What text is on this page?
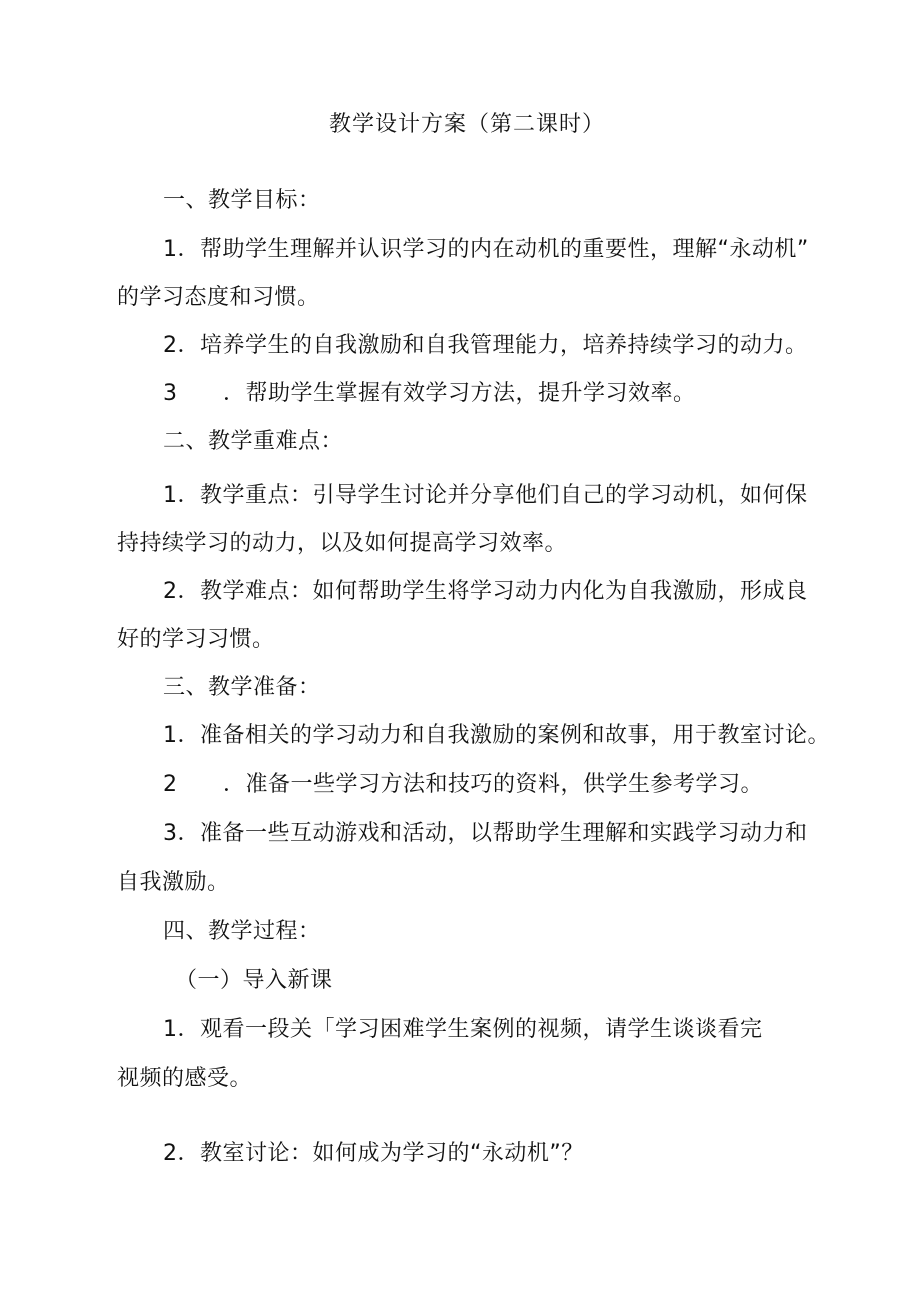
教学设计方案（第二课时）
一、教学目标：
1．帮助学生理解并认识学习的内在动机的重要性，理解“永动机”
的学习态度和习惯。
2．培养学生的自我激励和自我管理能力，培养持续学习的动力。
3 ．帮助学生掌握有效学习方法，提升学习效率。
二、教学重难点：
1．教学重点：引导学生讨论并分享他们自己的学习动机，如何保
持持续学习的动力，以及如何提高学习效率。
2．教学难点：如何帮助学生将学习动力内化为自我激励，形成良
好的学习习惯。
三、教学准备：
1．准备相关的学习动力和自我激励的案例和故事，用于教室讨论。
2 ．准备一些学习方法和技巧的资料，供学生参考学习。
3．准备一些互动游戏和活动，以帮助学生理解和实践学习动力和
自我激励。
四、教学过程：
（一）导入新课
1．观看一段关「学习困难学生案例的视频，请学生谈谈看完
视频的感受。
2．教室讨论：如何成为学习的“永动机”？
